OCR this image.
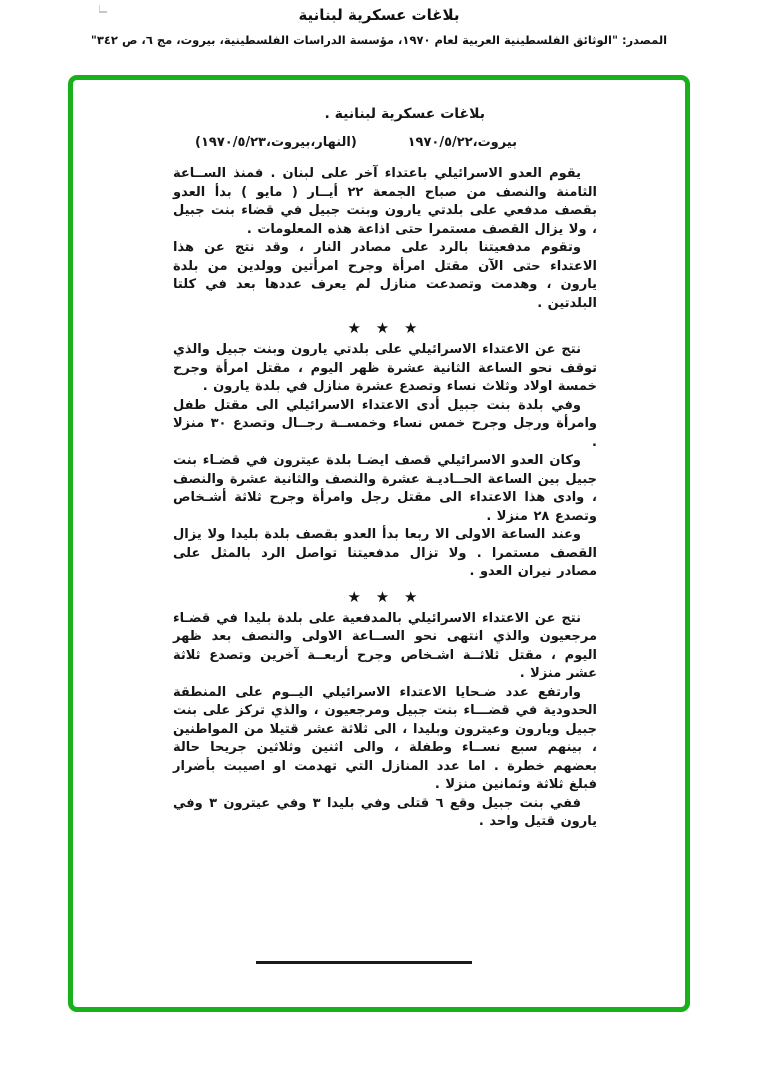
بلاغات عسكرية لبنانية
المصدر: "الوثائق الفلسطينية العربية لعام ١٩٧٠، مؤسسة الدراسات الفلسطينية، بيروت، مج ٦، ص ٣٤٢"
بلاغات عسكرية لبنانية .
بيروت،١٩٧٠/٥/٢٢
(النهار،بيروت،١٩٧٠/٥/٢٣)

يقوم العدو الاسرائيلي باعتداء آخر على لبنان . فمنذ الســاعة الثامنة والنصف من صباح الجمعة ٢٢ أيــار ( مايو ) بدأ العدو بقصف مدفعي على بلدتي يارون وبنت جبيل في قضاء بنت جبيل ، ولا يزال القصف مستمرا حتى اذاعة هذه المعلومات .

وتقوم مدفعيتنا بالرد على مصادر النار ، وقد نتج عن هذا الاعتداء حتى الآن مقتل امرأة وجرح امرأتين وولدين من بلدة يارون ، وهدمت وتصدعت منازل لم يعرف عددها بعد في كلتا البلدتين .

★ ★ ★

نتج عن الاعتداء الاسرائيلي على بلدتي يارون وبنت جبيل والذي توقف نحو الساعة الثانية عشرة ظهر اليوم ، مقتل امرأة وجرح خمسة اولاد وثلاث نساء وتصدع عشرة منازل في بلدة يارون .

وفي بلدة بنت جبيل أدى الاعتداء الاسرائيلي الى مقتل طفل وامرأة ورجل وجرح خمس نساء وخمســة رجــال وتصدع ٣٠ منزلا .

وكان العدو الاسرائيلي قصف ايضـا بلدة عيترون في قضـاء بنت جبيل بين الساعة الحــاديـة عشرة والنصف والثانية عشرة والنصف ، وادى هذا الاعتداء الى مقتل رجل وامرأة وجرح ثلاثة أشـخاص وتصدع ٢٨ منزلا .

وعند الساعة الاولى الا ربعا بدأ العدو بقصف بلدة بليدا ولا يزال القصف مستمرا . ولا تزال مدفعيتنا تواصل الرد بالمثل على مصادر نيران العدو .

★ ★ ★

نتج عن الاعتداء الاسرائيلي بالمدفعية على بلدة بليدا في قضـاء مرجعيون والذي انتهى نحو الســاعة الاولى والنصف بعد ظهر اليوم ، مقتل ثلاثــة اشـخاص وجرح أربعــة آخرين وتصدع ثلاثة عشر منزلا .

وارتفع عدد ضـحايا الاعتداء الاسرائيلي اليــوم على المنطقة الحدودية في قضـــاء بنت جبيل ومرجعيون ، والذي تركز على بنت جبيل ويارون وعيترون وبليدا ، الى ثلاثة عشر قتيلا من المواطنين ، بينهم سبع نســاء وطفلة ، والى اثنين وثلاثين جريحا حالة بعضهم خطرة . اما عدد المنازل التي تهدمت او اصيبت بأضرار فبلغ ثلاثة وثمانين منزلا .

ففي بنت جبيل وقع ٦ قتلى وفي بليدا ٣ وفي عيترون ٣ وفي يارون قتيل واحد .
